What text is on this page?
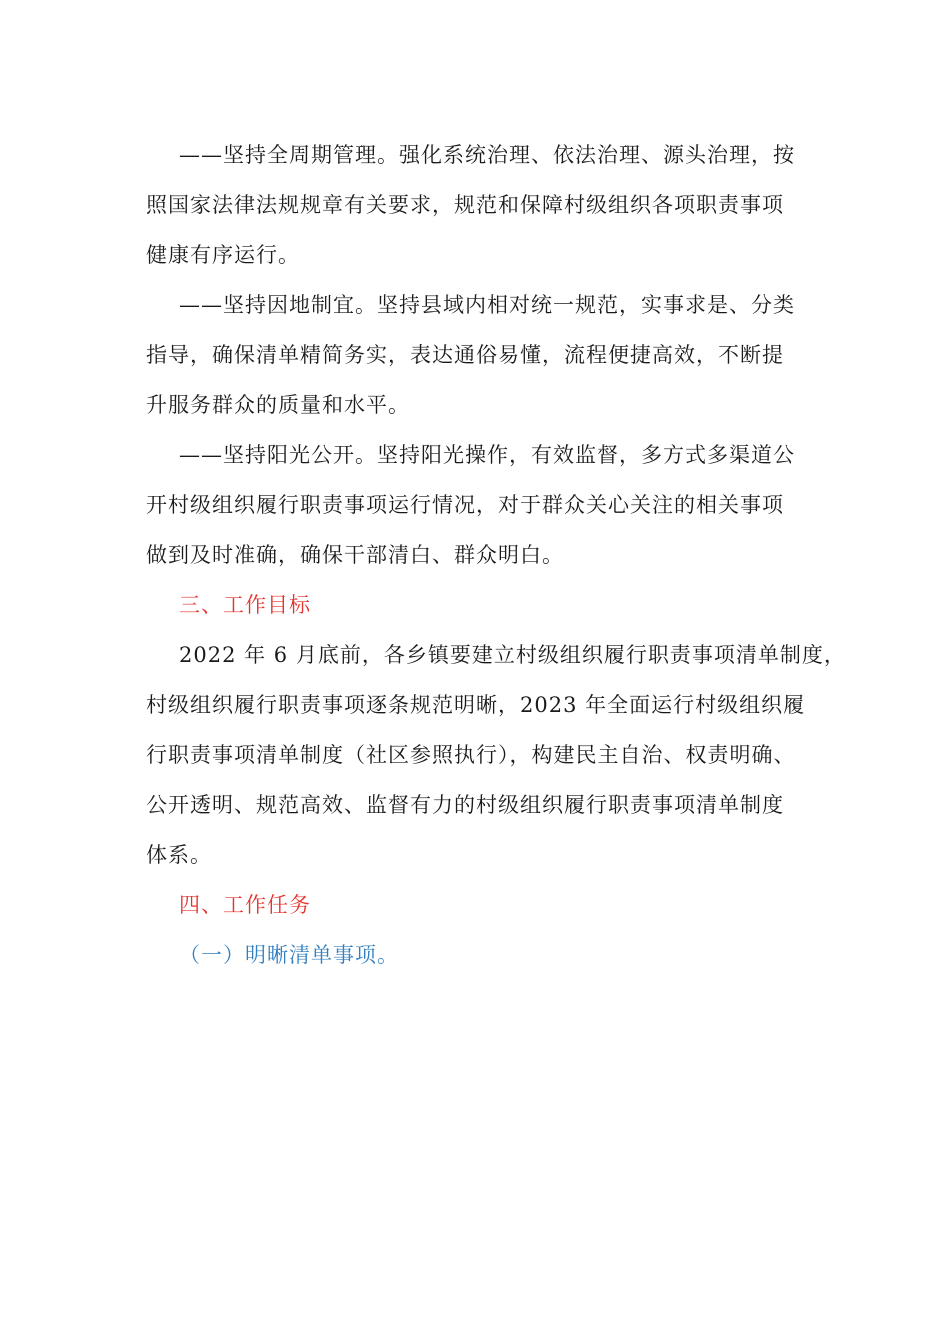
——坚持全周期管理。强化系统治理、依法治理、源头治理，按
照国家法律法规规章有关要求，规范和保障村级组织各项职责事项
健康有序运行。

——坚持因地制宜。坚持县域内相对统一规范，实事求是、分类
指导，确保清单精简务实，表达通俗易懂，流程便捷高效，不断提
升服务群众的质量和水平。

——坚持阳光公开。坚持阳光操作，有效监督，多方式多渠道公
开村级组织履行职责事项运行情况，对于群众关心关注的相关事项
做到及时准确，确保干部清白、群众明白。

三、工作目标

2022 年 6 月底前，各乡镇要建立村级组织履行职责事项清单制度，
村级组织履行职责事项逐条规范明晰，2023 年全面运行村级组织履
行职责事项清单制度（社区参照执行），构建民主自治、权责明确、
公开透明、规范高效、监督有力的村级组织履行职责事项清单制度
体系。

四、工作任务

（一）明晰清单事项。
